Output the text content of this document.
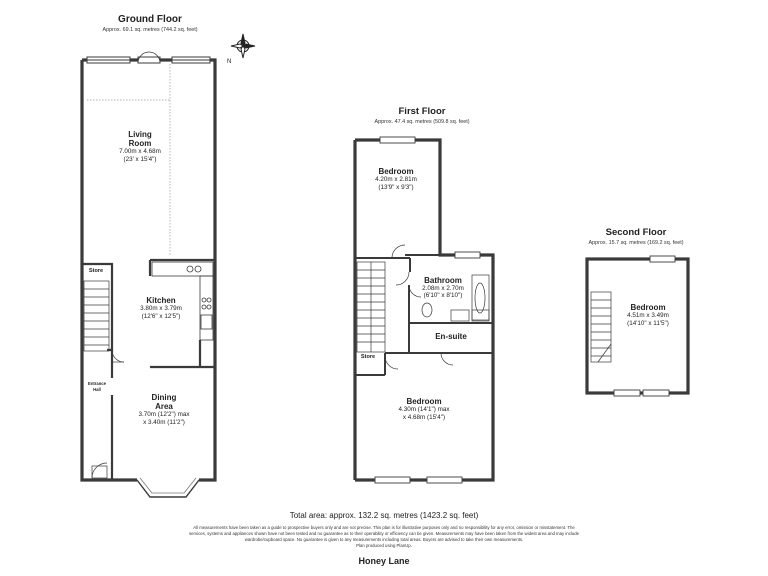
Ground Floor
Approx. 69.1 sq. metres (744.2 sq. feet)
N
Living
Room
7.00m x 4.68m
(23' x 15'4")
Store
Kitchen
3.80m x 3.79m
(12'6" x 12'5")
Entrance
Hall
Dining
Area
3.70m (12'2") max
x 3.40m (11'2")
First Floor
Approx. 47.4 sq. metres (509.8 sq. feet)
Bedroom
4.20m x 2.81m
(13'9" x 9'3")
Bathroom
2.08m x 2.70m
(6'10" x 8'10")
En-suite
Store
Bedroom
4.30m (14'1") max
x 4.68m (15'4")
Second Floor
Approx. 15.7 sq. metres (169.2 sq. feet)
Bedroom
4.51m x 3.49m
(14'10" x 11'5")
Total area: approx. 132.2 sq. metres (1423.2 sq. feet)
All measurements have been taken as a guide to prospective buyers only and are not precise. This plan is for illustrative purposes only and no responsibility for any error, omission or misstatement. The
services, systems and appliances shown have not been tested and no guarantee as to their operability or efficiency can be given. Measurements may have been taken from the widest area and may include
wardrobe/cupboard space. No guarantee is given to any measurements including total areas. Buyers are advised to take their own measurements.
Plan produced using PlanUp.
Honey Lane
